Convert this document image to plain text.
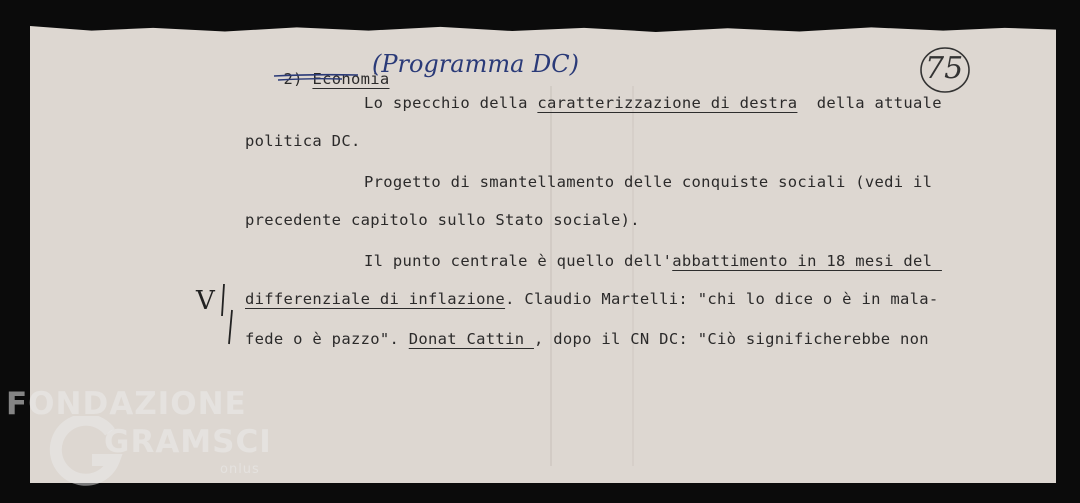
2) Economia

(Programma DC)	75
Lo specchio della caratterizzazione di destra  della attuale
politica DC.
Progetto di smantellamento delle conquiste sociali (vedi il
precedente capitolo sullo Stato sociale).
Il punto centrale è quello dell'abbattimento in 18 mesi del
differenziale di inflazione. Claudio Martelli: "chi lo dice o è in mala-
fede o è pazzo". Donat Cattin , dopo il CN DC: "Ciò significherebbe non
V
FONDAZIONE
GRAMSCI
onlus
